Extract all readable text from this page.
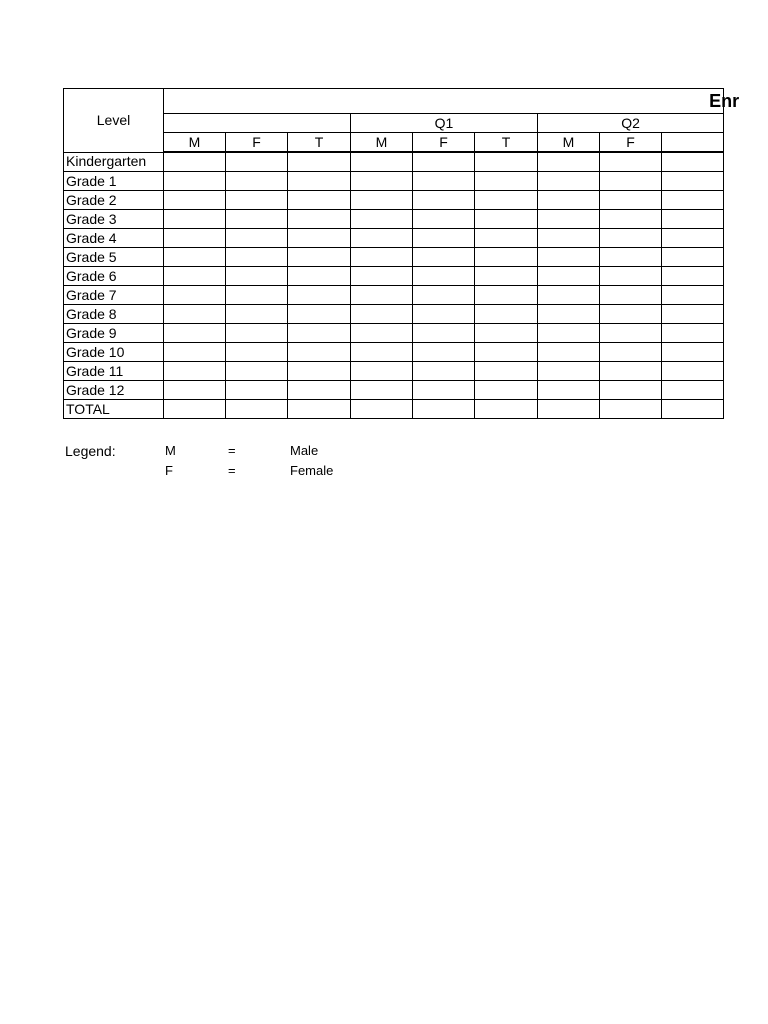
Level	Enr								
				Q1			Q2		
	M	F	T	M	F	T	M	F	
Kindergarten									
Grade 1									
Grade 2									
Grade 3									
Grade 4									
Grade 5									
Grade 6									
Grade 7									
Grade 8									
Grade 9									
Grade 10									
Grade 11									
Grade 12									
TOTAL									
Legend:	M	=	Male
F	=	Female
